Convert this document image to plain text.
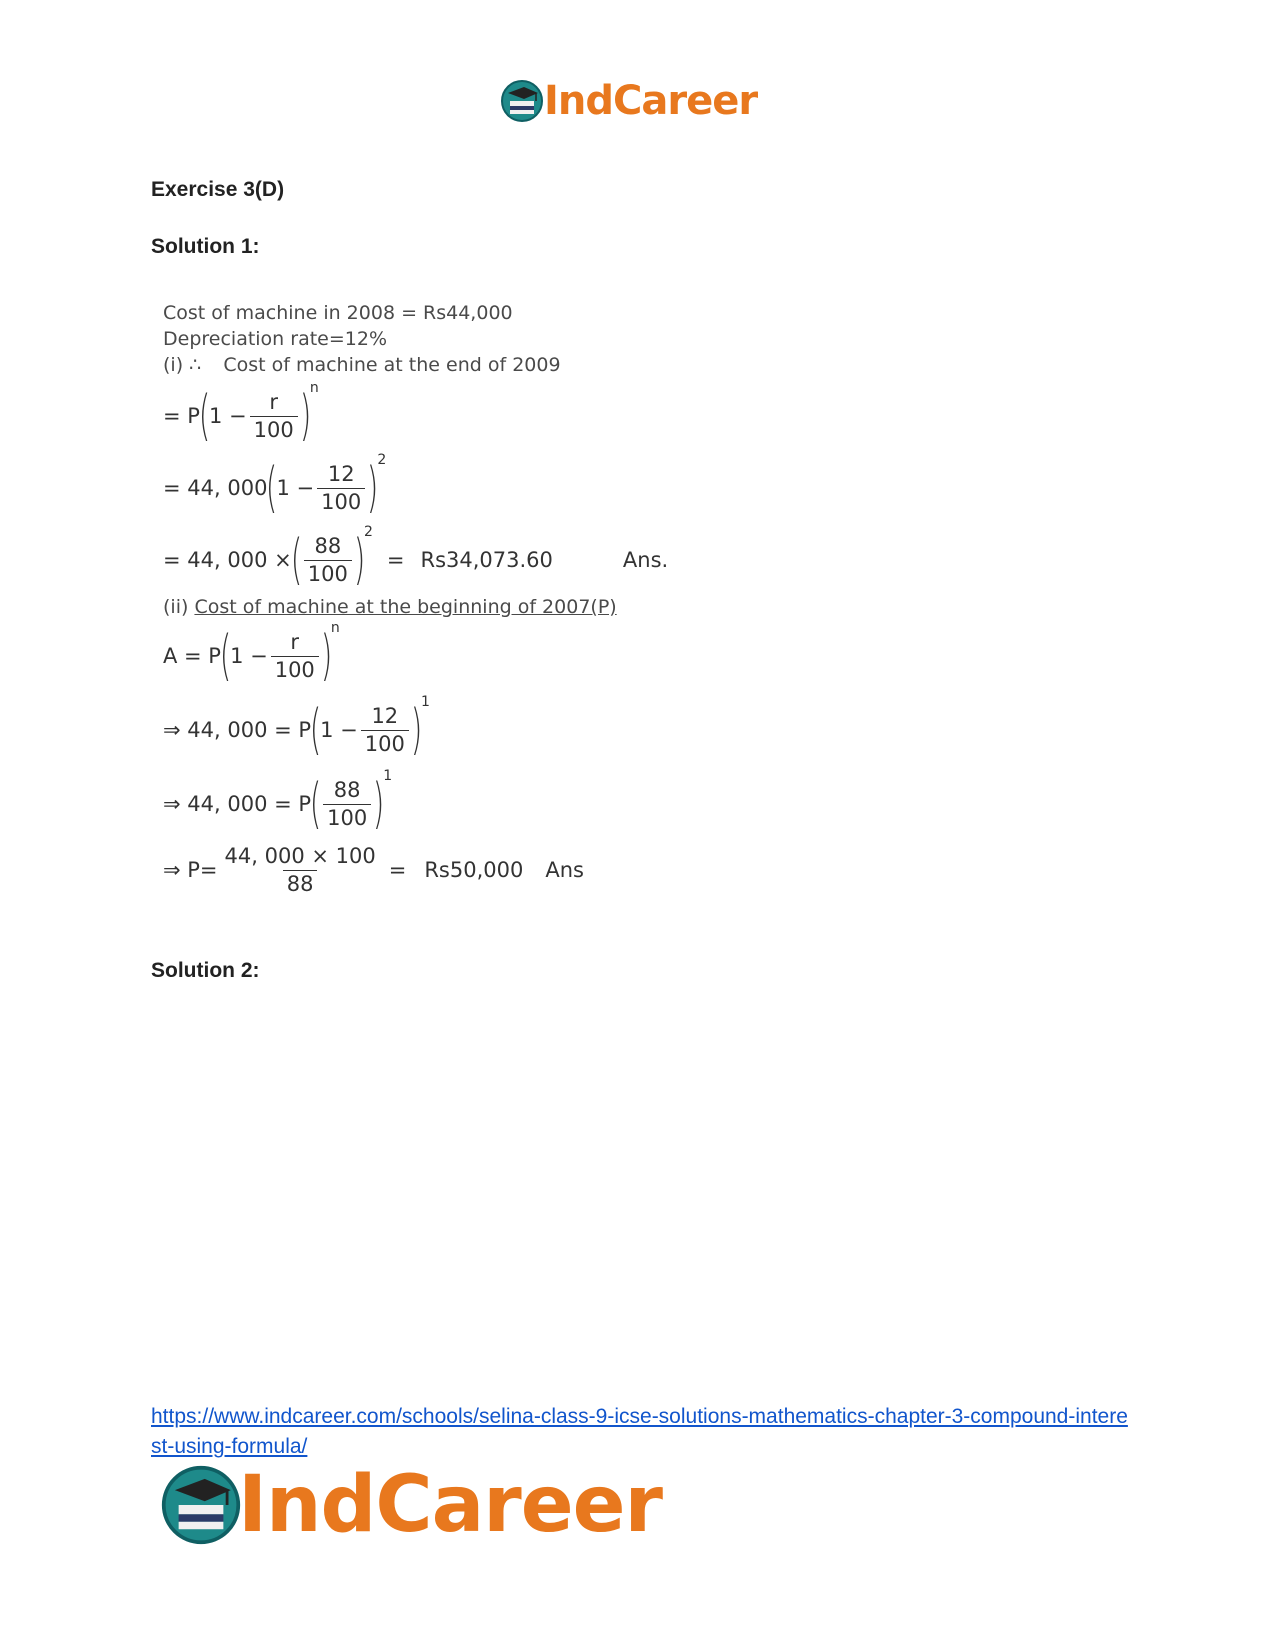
IndCareer
Exercise 3(D)
Solution 1:
Cost of machine in 2008 = Rs44,000
Depreciation rate=12%
(i) ∴ Cost of machine at the end of 2009
= P
(
$1 - \frac{r}{100}$ )
n
= 44, 000
(
$1 - \frac{12}{100}$ )
2
= 44, 000 ×
( $\frac{88}{100}$ )
2
= Rs34,073.60	Ans.
(ii) Cost of machine at the beginning of 2007(P)
A = P
(
$1 - \frac{r}{100}$ )
n
⇒ 44, 000 = P
(
$1 - \frac{12}{100}$ )
1
⇒ 44, 000 = P
( $\frac{88}{100}$ )
1
⇒ $P= \frac{44, 000 \times 100}{88} = Rs50,000$ Ans
Solution 2:
https://www.indcareer.com/schools/selina-class-9-icse-solutions-mathematics-chapter-3-compound-interest-using-formula/
IndCareer
